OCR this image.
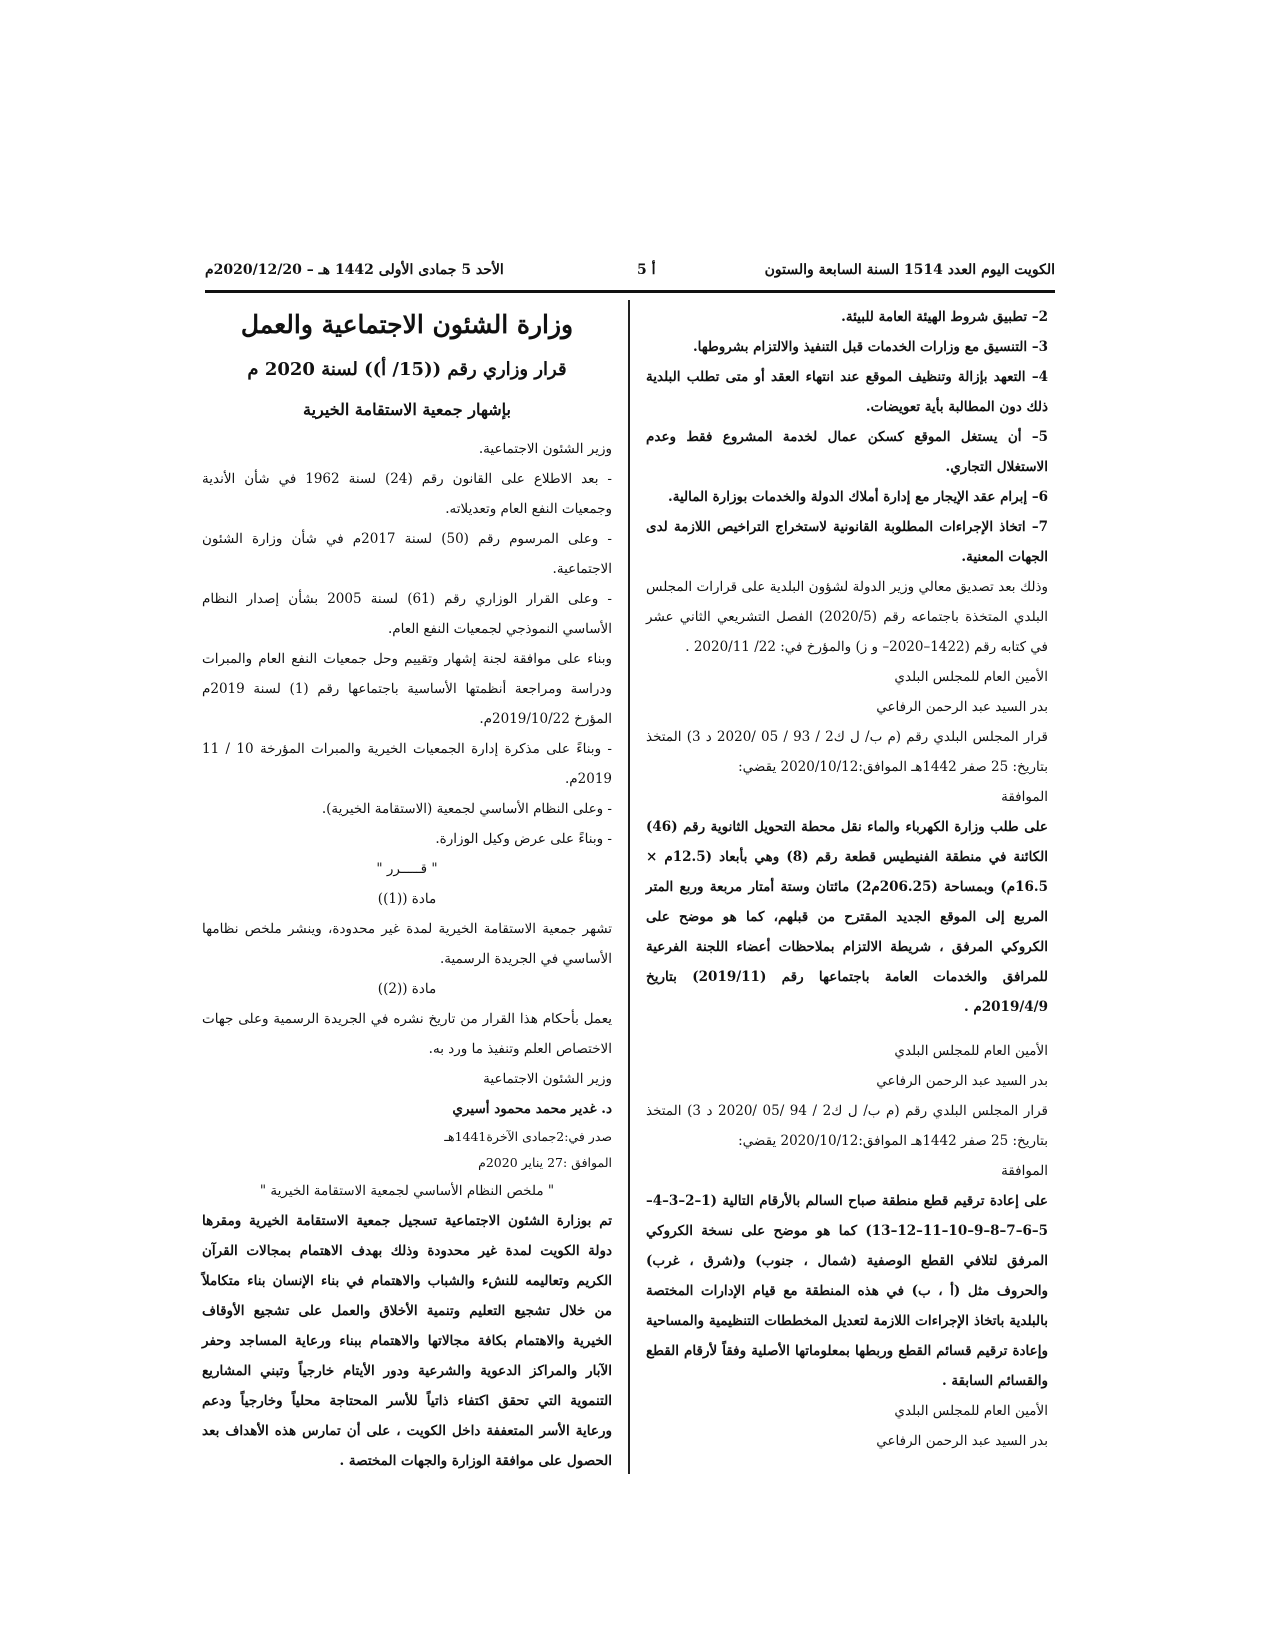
الكويت اليوم العدد 1514 السنة السابعة والستون
أ 5
الأحد 5 جمادى الأولى 1442 هـ – 2020/12/20م

2– تطبيق شروط الهيئة العامة للبيئة.

3– التنسيق مع وزارات الخدمات قبل التنفيذ والالتزام بشروطها.

4– التعهد بإزالة وتنظيف الموقع عند انتهاء العقد أو متى تطلب البلدية ذلك دون المطالبة بأية تعويضات.

5– أن يستغل الموقع كسكن عمال لخدمة المشروع فقط وعدم الاستغلال التجاري.

6– إبرام عقد الإيجار مع إدارة أملاك الدولة والخدمات بوزارة المالية.

7– اتخاذ الإجراءات المطلوبة القانونية لاستخراج التراخيص اللازمة لدى الجهات المعنية.

وذلك بعد تصديق معالي وزير الدولة لشؤون البلدية على قرارات المجلس البلدي المتخذة باجتماعه رقم (2020/5) الفصل التشريعي الثاني عشر في كتابه رقم (1422–2020– و ز) والمؤرخ في: 22/ 2020/11 .

الأمين العام للمجلس البلدي

بدر السيد عبد الرحمن الرفاعي

قرار المجلس البلدي رقم (م ب/ ل ك2 / 93 / 05 /2020 د 3) المتخذ بتاريخ: 25 صفر 1442هـ الموافق:2020/10/12 يقضي:

الموافقة

على طلب وزارة الكهرباء والماء نقل محطة التحويل الثانوية رقم (46) الكائنة في منطقة الفنيطيس قطعة رقم (8) وهي بأبعاد (12.5م × 16.5م) وبمساحة (206.25م2) مائتان وستة أمتار مربعة وربع المتر المربع إلى الموقع الجديد المقترح من قبلهم، كما هو موضح على الكروكي المرفق ، شريطة الالتزام بملاحظات أعضاء اللجنة الفرعية للمرافق والخدمات العامة باجتماعها رقم (2019/11) بتاريخ 2019/4/9م .

الأمين العام للمجلس البلدي

بدر السيد عبد الرحمن الرفاعي

قرار المجلس البلدي رقم (م ب/ ل ك2 / 94 /05 /2020 د 3) المتخذ بتاريخ: 25 صفر 1442هـ الموافق:2020/10/12 يقضي:

الموافقة

على إعادة ترقيم قطع منطقة صباح السالم بالأرقام التالية (1–2–3–4–5–6–7–8–9–10–11–12–13) كما هو موضح على نسخة الكروكي المرفق لتلافي القطع الوصفية (شمال ، جنوب) و(شرق ، غرب) والحروف مثل (أ ، ب) في هذه المنطقة مع قيام الإدارات المختصة بالبلدية باتخاذ الإجراءات اللازمة لتعديل المخططات التنظيمية والمساحية وإعادة ترقيم قسائم القطع وربطها بمعلوماتها الأصلية وفقاً لأرقام القطع والقسائم السابقة .

الأمين العام للمجلس البلدي

بدر السيد عبد الرحمن الرفاعي

وزارة الشئون الاجتماعية والعمل
قرار وزاري رقم ((15/ أ)) لسنة 2020 م
بإشهار جمعية الاستقامة الخيرية

وزير الشئون الاجتماعية.

- بعد الاطلاع على القانون رقم (24) لسنة 1962 في شأن الأندية وجمعيات النفع العام وتعديلاته.

- وعلى المرسوم رقم (50) لسنة 2017م في شأن وزارة الشئون الاجتماعية.

- وعلى القرار الوزاري رقم (61) لسنة 2005 بشأن إصدار النظام الأساسي النموذجي لجمعيات النفع العام.

وبناء على موافقة لجنة إشهار وتقييم وحل جمعيات النفع العام والمبرات ودراسة ومراجعة أنظمتها الأساسية باجتماعها رقم (1) لسنة 2019م المؤرخ 2019/10/22م.

- وبناءً على مذكرة إدارة الجمعيات الخيرية والمبرات المؤرخة 10 / 11 2019م.

- وعلى النظام الأساسي لجمعية (الاستقامة الخيرية).

- وبناءً على عرض وكيل الوزارة.

" قـــــرر "

مادة ((1))

تشهر جمعية الاستقامة الخيرية لمدة غير محدودة، وينشر ملخص نظامها الأساسي في الجريدة الرسمية.

مادة ((2))

يعمل بأحكام هذا القرار من تاريخ نشره في الجريدة الرسمية وعلى جهات الاختصاص العلم وتنفيذ ما ورد به.

وزير الشئون الاجتماعية

د. غدير محمد محمود أسيري

صدر في:2جمادى الآخرة1441هـ

الموافق :27 يناير 2020م

" ملخص النظام الأساسي لجمعية الاستقامة الخيرية "

تم بوزارة الشئون الاجتماعية تسجيل جمعية الاستقامة الخيرية ومقرها دولة الكويت لمدة غير محدودة وذلك بهدف الاهتمام بمجالات القرآن الكريم وتعاليمه للنشء والشباب والاهتمام في بناء الإنسان بناء متكاملاً من خلال تشجيع التعليم وتنمية الأخلاق والعمل على تشجيع الأوقاف الخيرية والاهتمام بكافة مجالاتها والاهتمام ببناء ورعاية المساجد وحفر الآبار والمراكز الدعوية والشرعية ودور الأيتام خارجياً وتبني المشاريع التنموية التي تحقق اكتفاء ذاتياً للأسر المحتاجة محلياً وخارجياً ودعم ورعاية الأسر المتعففة داخل الكويت ، على أن تمارس هذه الأهداف بعد الحصول على موافقة الوزارة والجهات المختصة .
